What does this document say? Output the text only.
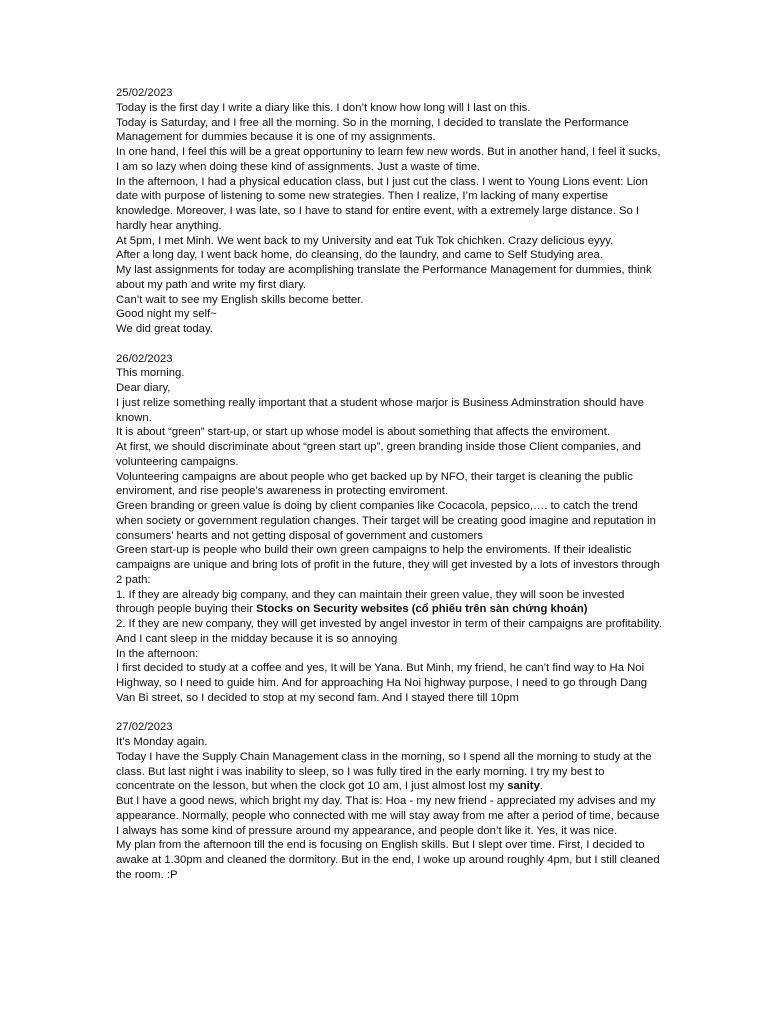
25/02/2023
Today is the first day I write a diary like this. I don’t know how long will I last on this.
Today is Saturday, and I free all the morning. So in the morning, I decided to translate the Performance Management for dummies because it is one of my assignments.
In one hand, I feel this will be a great opportuniny to learn few new words. But in another hand, I feel it sucks, I am so lazy when doing these kind of assignments. Just a waste of time.
In the afternoon, I had a physical education class, but I just cut the class. I went to Young Lions event: Lion date with purpose of listening to some new strategies. Then I realize, I’m lacking of many expertise knowledge. Moreover, I was late, so I have to stand for entire event, with a extremely large distance. So I hardly hear anything.
At 5pm, I met Minh. We went back to my University and eat Tuk Tok chichken. Crazy delicious eyyy.
After a long day, I went back home, do cleansing, do the laundry, and came to Self Studying area.
My last assignments for today are acomplishing translate the Performance Management for dummies, think about my path and write my first diary.
Can’t wait to see my English skills become better.
Good night my self~
We did great today.
26/02/2023
This morning.
Dear diary,
I just relize something really important that a student whose marjor is Business Adminstration should have known.
It is about “green” start-up, or start up whose model is about something that affects the enviroment.
At first, we should discriminate about “green start up”, green branding inside those Client companies, and volunteering campaigns.
Volunteering campaigns are about people who get backed up by NFO, their target is cleaning the public enviroment, and rise people’s awareness in protecting enviroment.
Green branding or green value is doing by client companies like Cocacola, pepsico,…. to catch the trend when society or government regulation changes. Their target will be creating good imagine and reputation in consumers’ hearts and not getting disposal of government and customers
Green start-up is people who build their own green campaigns to help the enviroments. If their idealistic campaigns are unique and bring lots of profit in the future, they will get invested by a lots of investors through 2 path:
1. If they are already big company, and they can maintain their green value, they will soon be invested through people buying their Stocks on Security websites (cổ phiếu trên sàn chứng khoán)
2. If they are new company, they will get invested by angel investor in term of their campaigns are profitability.
And I cant sleep in the midday because it is so annoying
In the afternoon:
I first decided to study at a coffee and yes, It will be Yana. But Minh, my friend, he can’t find way to Ha Noi Highway, so I need to guide him. And for approaching Ha Noi highway purpose, I need to go through Dang Van Bi street, so I decided to stop at my second fam. And I stayed there till 10pm
27/02/2023
It’s Monday again.
Today I have the Supply Chain Management class in the morning, so I spend all the morning to study at the class. But last night i was inability to sleep, so I was fully tired in the early morning. I try my best to concentrate on the lesson, but when the clock got 10 am, I just almost lost my sanity.
But I have a good news, which bright my day. That is: Hoa - my new friend - appreciated my advises and my appearance. Normally, people who connected with me will stay away from me after a period of time, because I always has some kind of pressure around my appearance, and people don’t like it. Yes, it was nice.
My plan from the afternoon till the end is focusing on English skills. But I slept over time. First, I decided to awake at 1.30pm and cleaned the dormitory. But in the end, I woke up around roughly 4pm, but I still cleaned the room. :P
